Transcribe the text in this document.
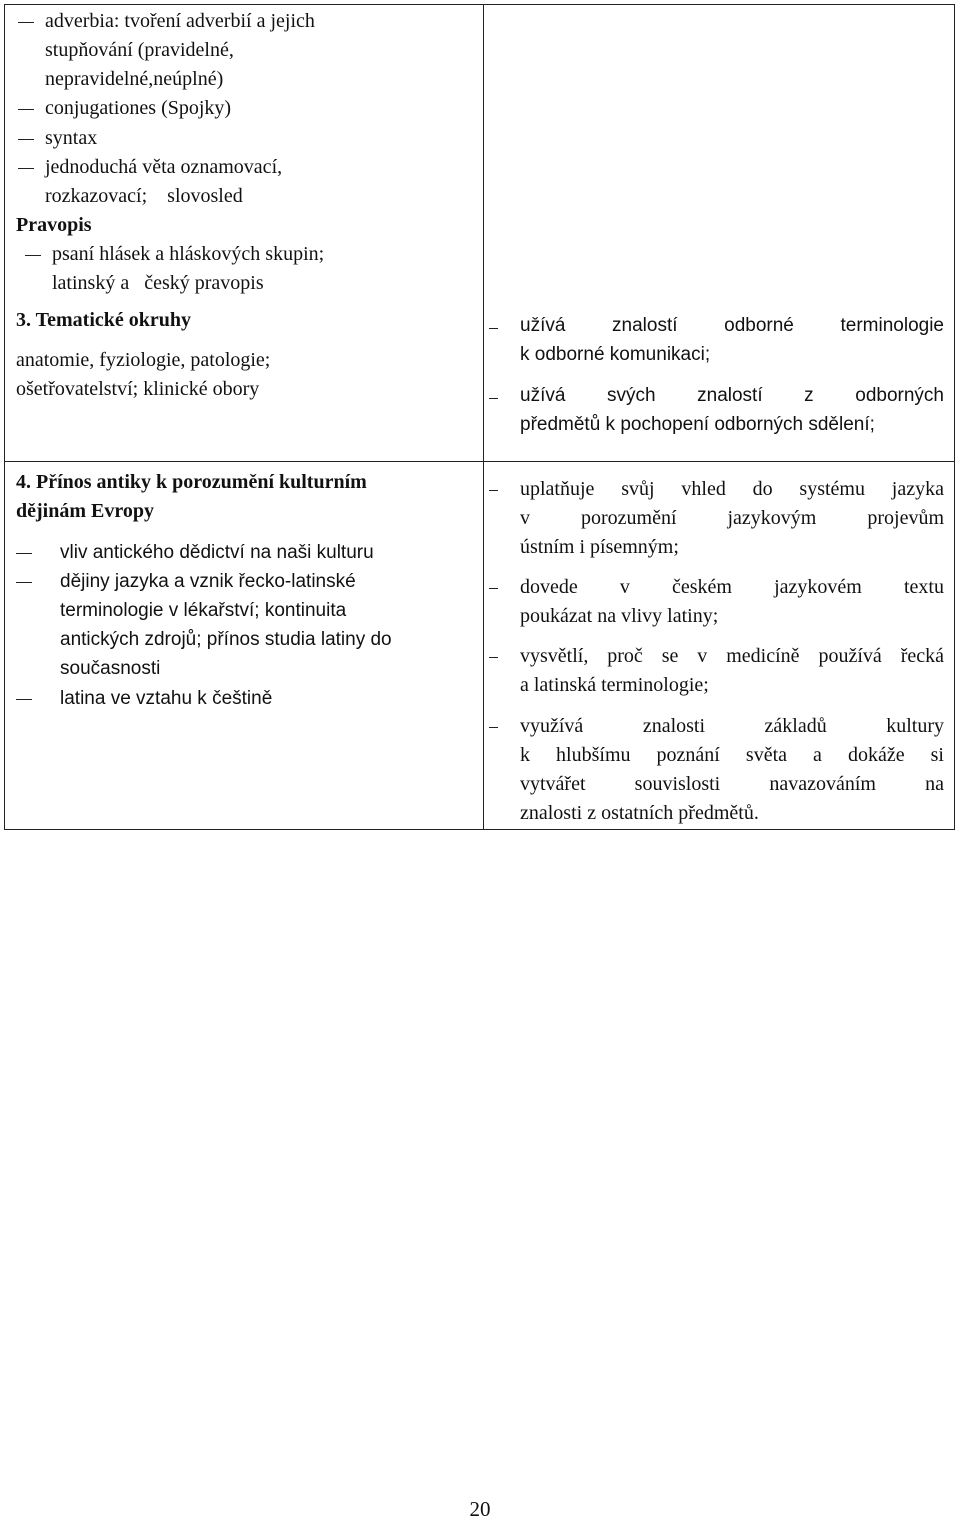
adverbia: tvoření adverbií a jejich
stupňování (pravidelné,
nepravidelné,neúplné)
conjugationes (Spojky)
syntax
jednoduchá věta oznamovací,
rozkazovací;    slovosled
Pravopis
psaní hlásek a hláskových skupin;
latinský a   český pravopis
3. Tematické okruhy
anatomie, fyziologie, patologie;
ošetřovatelství; klinické obory
4. Přínos antiky k porozumění kulturním
dějinám Evropy
vliv antického dědictví na naši kulturu
dějiny jazyka a vznik řecko-latinské
terminologie v lékařství; kontinuita
antických zdrojů; přínos studia latiny do
současnosti
latina ve vztahu k češtině
užívá znalostí odborné terminologie
k odborné komunikaci;
užívá svých znalostí z odborných
předmětů k pochopení odborných sdělení;
uplatňuje svůj vhled do systému jazyka
v porozumění jazykovým projevům
ústním i písemným;
dovede v českém jazykovém textu
poukázat na vlivy latiny;
vysvětlí, proč se v medicíně používá řecká
a latinská terminologie;
využívá znalosti základů kultury
k hlubšímu poznání světa a dokáže si
vytvářet souvislosti navazováním na
znalosti z ostatních předmětů.
20
